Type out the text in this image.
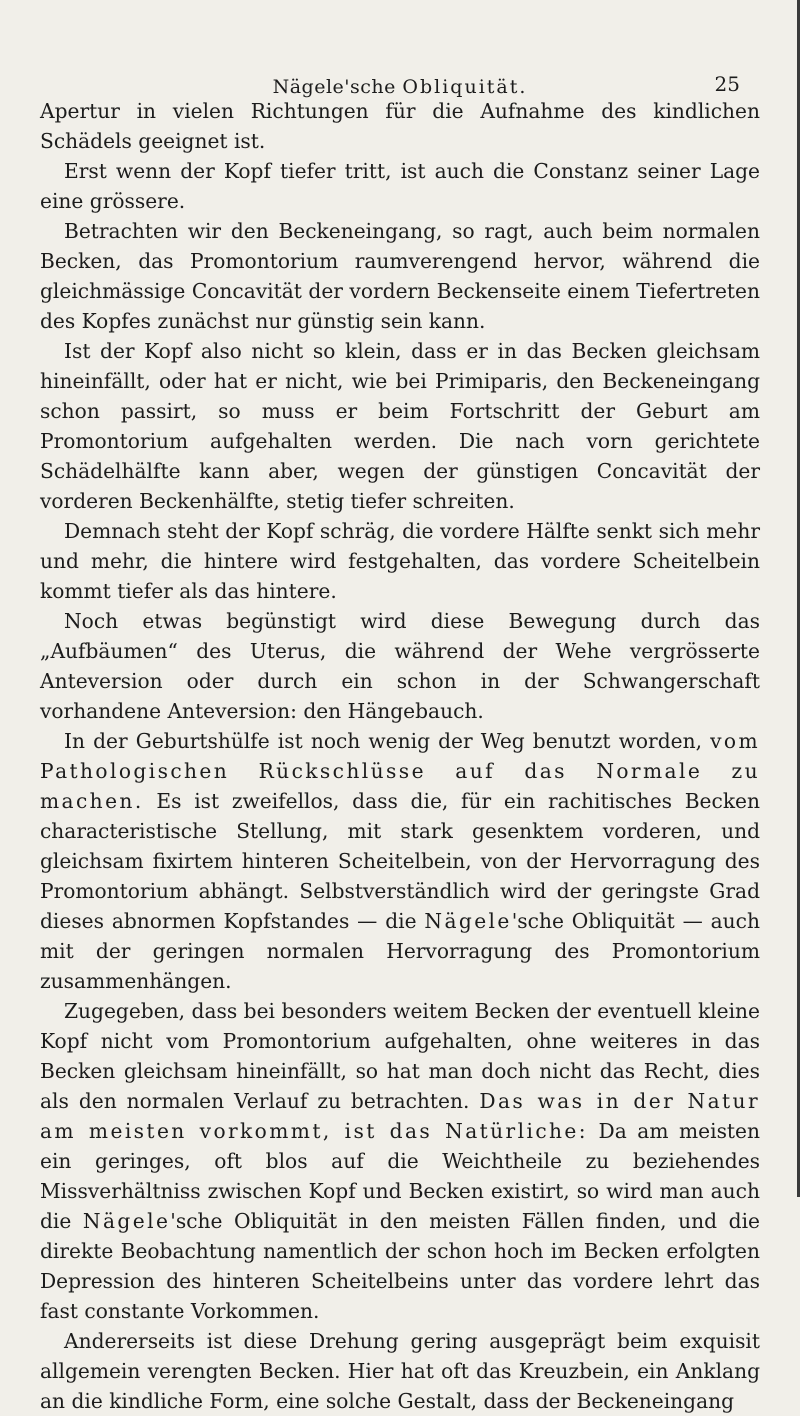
Nägele'sche Obliquität.	25

Apertur in vielen Richtungen für die Aufnahme des kindlichen Schädels geeignet ist.

Erst wenn der Kopf tiefer tritt, ist auch die Constanz seiner Lage eine grössere.

Betrachten wir den Beckeneingang, so ragt, auch beim normalen Becken, das Promontorium raumverengend hervor, während die gleichmässige Concavität der vordern Beckenseite einem Tiefertreten des Kopfes zunächst nur günstig sein kann.

Ist der Kopf also nicht so klein, dass er in das Becken gleichsam hineinfällt, oder hat er nicht, wie bei Primiparis, den Beckeneingang schon passirt, so muss er beim Fortschritt der Geburt am Promontorium aufgehalten werden. Die nach vorn gerichtete Schädelhälfte kann aber, wegen der günstigen Concavität der vorderen Beckenhälfte, stetig tiefer schreiten.

Demnach steht der Kopf schräg, die vordere Hälfte senkt sich mehr und mehr, die hintere wird festgehalten, das vordere Scheitelbein kommt tiefer als das hintere.

Noch etwas begünstigt wird diese Bewegung durch das „Aufbäumen“ des Uterus, die während der Wehe vergrösserte Anteversion oder durch ein schon in der Schwangerschaft vorhandene Anteversion: den Hängebauch.

In der Geburtshülfe ist noch wenig der Weg benutzt worden, vom Pathologischen Rückschlüsse auf das Normale zu machen. Es ist zweifellos, dass die, für ein rachitisches Becken characteristische Stellung, mit stark gesenktem vorderen, und gleichsam fixirtem hinteren Scheitelbein, von der Hervorragung des Promontorium abhängt. Selbstverständlich wird der geringste Grad dieses abnormen Kopfstandes — die Nägele'sche Obliquität — auch mit der geringen normalen Hervorragung des Promontorium zusammenhängen.

Zugegeben, dass bei besonders weitem Becken der eventuell kleine Kopf nicht vom Promontorium aufgehalten, ohne weiteres in das Becken gleichsam hineinfällt, so hat man doch nicht das Recht, dies als den normalen Verlauf zu betrachten. Das was in der Natur am meisten vorkommt, ist das Natürliche: Da am meisten ein geringes, oft blos auf die Weichtheile zu beziehendes Missverhältniss zwischen Kopf und Becken existirt, so wird man auch die Nägele'sche Obliquität in den meisten Fällen finden, und die direkte Beobachtung namentlich der schon hoch im Becken erfolgten Depression des hinteren Scheitelbeins unter das vordere lehrt das fast constante Vorkommen.

Andererseits ist diese Drehung gering ausgeprägt beim exquisit allgemein verengten Becken. Hier hat oft das Kreuzbein, ein Anklang an die kindliche Form, eine solche Gestalt, dass der Beckeneingang
